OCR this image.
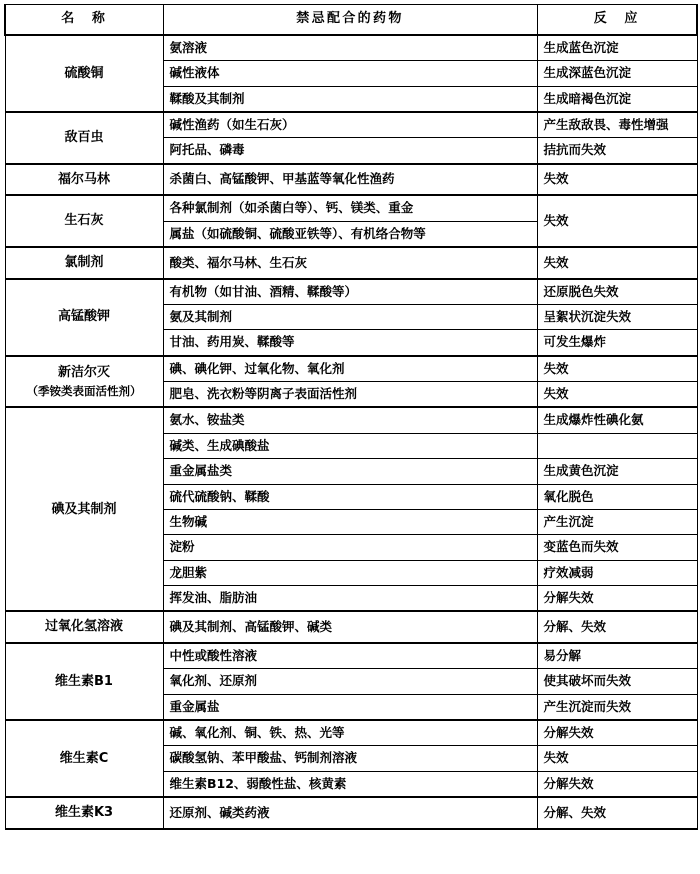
名　称	禁忌配合的药物	反　应
硫酸铜	氨溶液	生成蓝色沉淀
	碱性液体	生成深蓝色沉淀
	鞣酸及其制剂	生成暗褐色沉淀
敌百虫	碱性渔药（如生石灰）	产生敌敌畏、毒性增强
	阿托品、磷毒	拮抗而失效
福尔马林	杀菌白、高锰酸钾、甲基蓝等氧化性渔药	失效
生石灰	各种氯制剂（如杀菌白等）、钙、镁类、重金	失效
	属盐（如硫酸铜、硫酸亚铁等）、有机络合物等	
氯制剂	酸类、福尔马林、生石灰	失效
高锰酸钾	有机物（如甘油、酒精、鞣酸等）	还原脱色失效
	氨及其制剂	呈絮状沉淀失效
	甘油、药用炭、鞣酸等	可发生爆炸
新洁尔灭
（季铵类表面活性剂）	碘、碘化钾、过氧化物、氧化剂	失效
	肥皂、洗衣粉等阴离子表面活性剂	失效
碘及其制剂	氨水、铵盐类	生成爆炸性碘化氨
	碱类、生成碘酸盐	
	重金属盐类	生成黄色沉淀
	硫代硫酸钠、鞣酸	氧化脱色
	生物碱	产生沉淀
	淀粉	变蓝色而失效
	龙胆紫	疗效减弱
	挥发油、脂肪油	分解失效
过氧化氢溶液	碘及其制剂、高锰酸钾、碱类	分解、失效
维生素B1	中性或酸性溶液	易分解
	氧化剂、还原剂	使其破坏而失效
	重金属盐	产生沉淀而失效
维生素C	碱、氧化剂、铜、铁、热、光等	分解失效
	碳酸氢钠、苯甲酸盐、钙制剂溶液	失效
	维生素B12、弱酸性盐、核黄素	分解失效
维生素K3	还原剂、碱类药液	分解、失效
